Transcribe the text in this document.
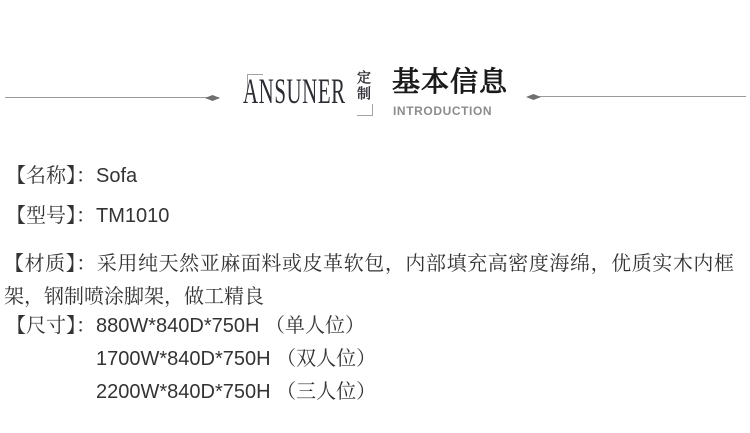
ANSUNER 定制 基本信息
INTRODUCTION

【名称】：Sofa

【型号】：TM1010

【材质】：采用纯天然亚麻面料或皮革软包，内部填充高密度海绵，优质实木内框架，钢制喷涂脚架，做工精良

【尺寸】： 880W*840D*750H （单人位）
1700W*840D*750H （双人位）
2200W*840D*750H （三人位）
